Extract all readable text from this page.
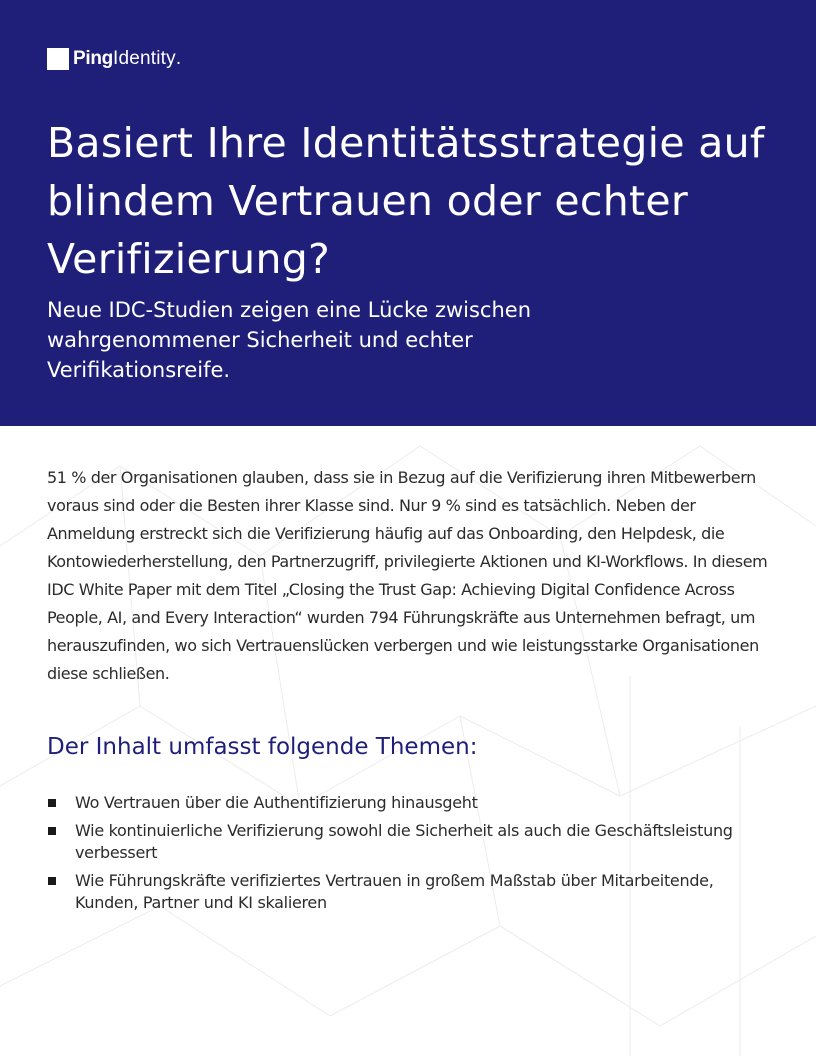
Ping Identity .
Basiert Ihre Identitätsstrategie auf blindem Vertrauen oder echter Verifizierung?
Neue IDC-Studien zeigen eine Lücke zwischen wahrgenommener Sicherheit und echter Verifikationsreife.

51 % der Organisationen glauben, dass sie in Bezug auf die Verifizierung ihren Mitbewerbern voraus sind oder die Besten ihrer Klasse sind. Nur 9 % sind es tatsächlich. Neben der Anmeldung erstreckt sich die Verifizierung häufig auf das Onboarding, den Helpdesk, die Kontowiederherstellung, den Partnerzugriff, privilegierte Aktionen und KI-Workflows. In diesem IDC White Paper mit dem Titel „Closing the Trust Gap: Achieving Digital Confidence Across People, AI, and Every Interaction“ wurden 794 Führungskräfte aus Unternehmen befragt, um herauszufinden, wo sich Vertrauenslücken verbergen und wie leistungsstarke Organisationen diese schließen.

Der Inhalt umfasst folgende Themen:
Wo Vertrauen über die Authentifizierung hinausgeht
Wie kontinuierliche Verifizierung sowohl die Sicherheit als auch die Geschäftsleistung verbessert
Wie Führungskräfte verifiziertes Vertrauen in großem Maßstab über Mitarbeitende, Kunden, Partner und KI skalieren
